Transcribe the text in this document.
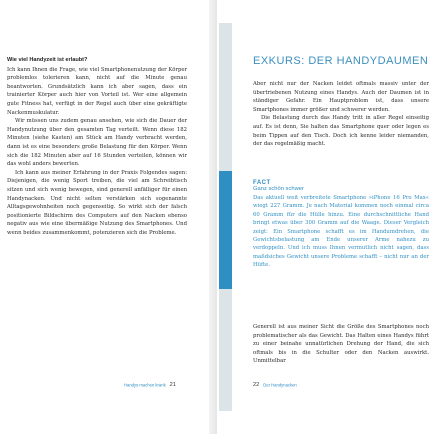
Wie viel Handyzeit ist erlaubt?

Ich kann Ihnen die Frage, wie viel Smartphonenutzung der Körper problemlos tolerieren kann, nicht auf die Minute genau beantworten. Grundsätzlich kann ich aber sagen, dass ein trainierter Körper auch hier von Vorteil ist. Wer eine allgemein gute Fitness hat, verfügt in der Regel auch über eine gekräftigte Nackenmuskulatur.

Wir müssen uns zudem genau ansehen, wie sich die Dauer der Handynutzung über den gesamten Tag verteilt. Wenn diese 182 Minuten (siehe Kasten) am Stück am Handy verbracht werden, dann ist es eine besonders große Belastung für den Körper. Wenn sich die 182 Minuten aber auf 16 Stunden verteilen, können wir das wohl anders bewerten.

Ich kann aus meiner Erfahrung in der Praxis Folgendes sagen: Diejenigen, die wenig Sport treiben, die viel am Schreibtisch sitzen und sich wenig bewegen, sind generell anfälliger für einen Handynacken. Und nicht selten verstärken sich sogenannte Alltagsgewohnheiten noch gegenseitig. So wirkt sich der falsch positionierte Bildschirm des Computers auf den Nacken ebenso negativ aus wie eine übermäßige Nutzung des Smartphones. Und wenn beides zusammenkommt, potenzieren sich die Probleme.

Handys machen krank 21
EXKURS: DER HANDYDAUMEN

Aber nicht nur der Nacken leidet oftmals massiv unter der übertriebenen Nutzung eines Handys. Auch der Daumen ist in ständiger Gefahr. Ein Hauptproblem ist, dass unsere Smartphones immer größer und schwerer werden.

Die Belastung durch das Handy tritt in aller Regel einseitig auf. Es ist denn, Sie halten das Smartphone quer oder legen es beim Tippen auf den Tisch. Doch ich kenne leider niemanden, der das regelmäßig macht.

FACT
Ganz schön schwer

Das aktuell weit verbreitete Smartphone »iPhone 16 Pro Max« wiegt 227 Gramm. Je nach Material kommen noch einmal circa 60 Gramm für die Hülle hinzu. Eine durchschnittliche Hand bringt etwas über 300 Gramm auf die Waage. Dieser Vergleich zeigt: Ein Smartphone schafft es im Handumdrehen, die Gewichtsbelastung am Ende unserer Arme nahezu zu verdoppeln. Und ich muss Ihnen vermutlich nicht sagen, dass maßdsiches Gewicht unsere Probleme schafft – nicht nur an der Hüfte.

Generell ist aus meiner Sicht die Größe des Smartphones noch problematischer als das Gewicht. Das Halten eines Handys führt zu einer beinahe unnatürlichen Drehung der Hand, die sich oftmals bis in die Schulter oder den Nacken auswirkt. Unmittelbar

22 Der Handynacken
